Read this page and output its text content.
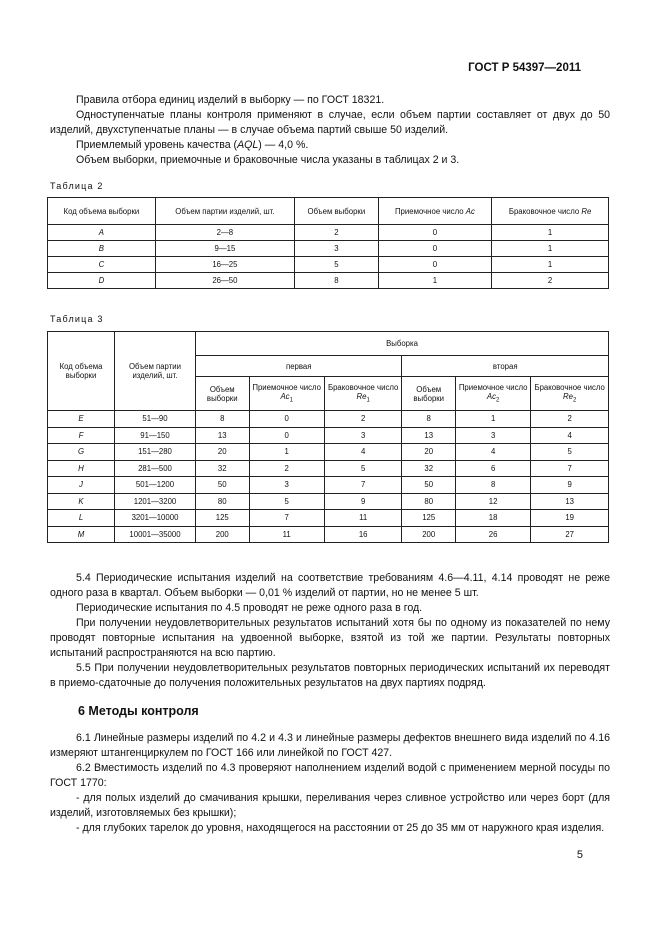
ГОСТ Р 54397—2011

Правила отбора единиц изделий в выборку — по ГОСТ 18321.

Одноступенчатые планы контроля применяют в случае, если объем партии составляет от двух до 50 изделий, двухступенчатые планы — в случае объема партий свыше 50 изделий.

Приемлемый уровень качества (AQL) — 4,0 %.

Объем выборки, приемочные и браковочные числа указаны в таблицах 2 и 3.

Таблица 2
Код объема выборки	Объем партии изделий, шт.	Объем выборки	Приемочное число Ac	Браковочное число Re
A	2—8	2	0	1
B	9—15	3	0	1
C	16—25	5	0	1
D	26—50	8	1	2
Таблица 3
Код объема выборки	Объем партии изделий, шт.	Выборка					
		первая			вторая		
		Объем выборки	Приемочное число $Ac_1$	Браковочное число $Re_1$	Объем выборки	Приемочное число $Ac_2$	Браковочное число $Re_2$
E	51—90	8	0	2	8	1	2
F	91—150	13	0	3	13	3	4
G	151—280	20	1	4	20	4	5
H	281—500	32	2	5	32	6	7
J	501—1200	50	3	7	50	8	9
K	1201—3200	80	5	9	80	12	13
L	3201—10000	125	7	11	125	18	19
M	10001—35000	200	11	16	200	26	27

5.4 Периодические испытания изделий на соответствие требованиям 4.6—4.11, 4.14 проводят не реже одного раза в квартал. Объем выборки — 0,01 % изделий от партии, но не менее 5 шт.

Периодические испытания по 4.5 проводят не реже одного раза в год.

При получении неудовлетворительных результатов испытаний хотя бы по одному из показателей по нему проводят повторные испытания на удвоенной выборке, взятой из той же партии. Результаты повторных испытаний распространяются на всю партию.

5.5 При получении неудовлетворительных результатов повторных периодических испытаний их переводят в приемо-сдаточные до получения положительных результатов на двух партиях подряд.

6 Методы контроля

6.1 Линейные размеры изделий по 4.2 и 4.3 и линейные размеры дефектов внешнего вида изделий по 4.16 измеряют штангенциркулем по ГОСТ 166 или линейкой по ГОСТ 427.

6.2 Вместимость изделий по 4.3 проверяют наполнением изделий водой с применением мерной посуды по ГОСТ 1770:

- для полых изделий до смачивания крышки, переливания через сливное устройство или через борт (для изделий, изготовляемых без крышки);

- для глубоких тарелок до уровня, находящегося на расстоянии от 25 до 35 мм от наружного края изделия.

5
